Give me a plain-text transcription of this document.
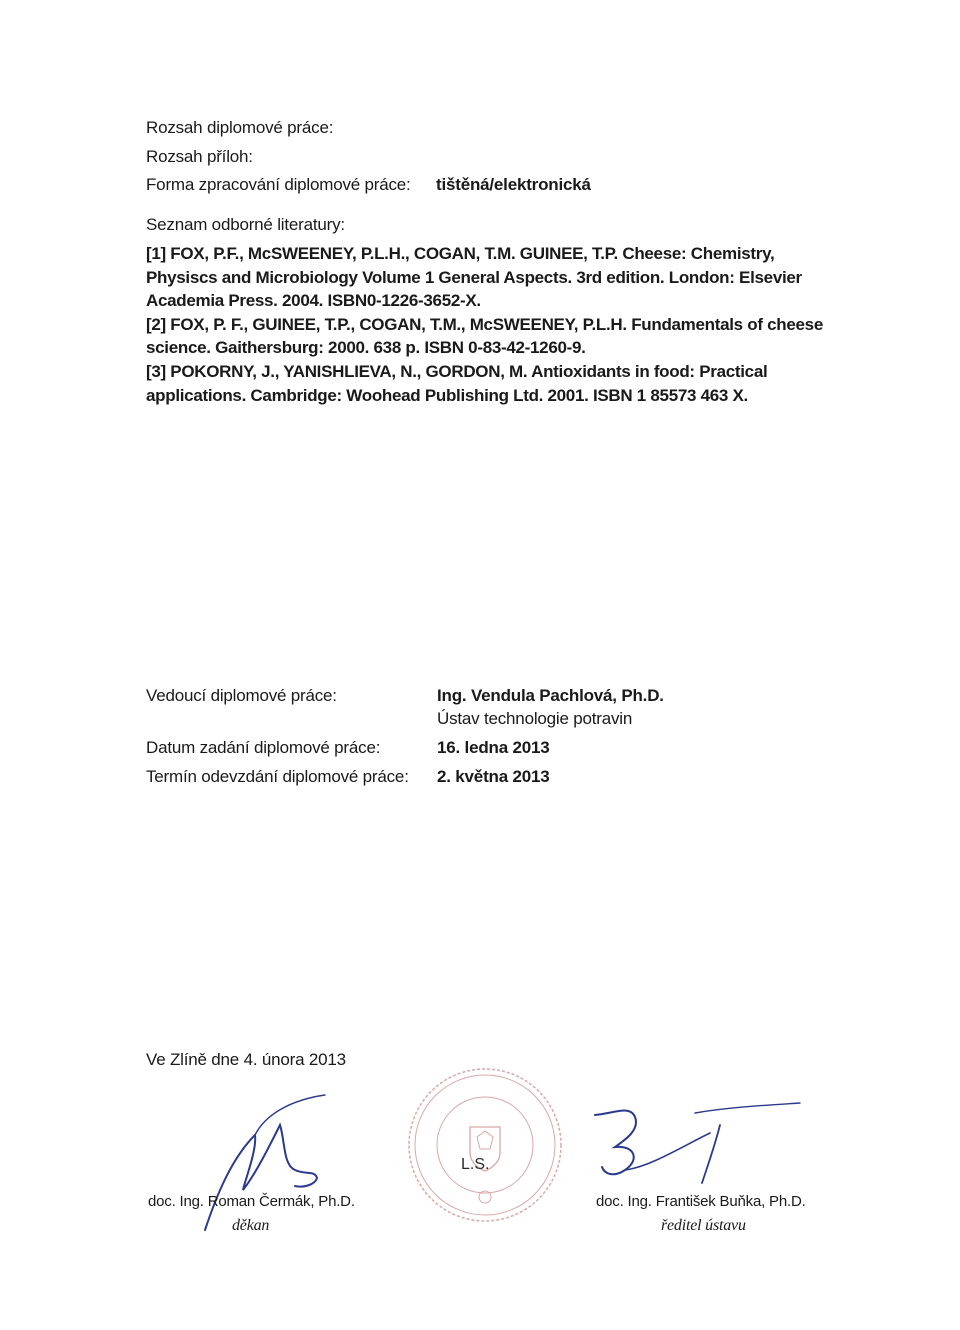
Rozsah diplomové práce:
Rozsah příloh:
Forma zpracování diplomové práce: tištěná/elektronická
Seznam odborné literatury:

[1] FOX, P.F., McSWEENEY, P.L.H., COGAN, T.M. GUINEE, T.P. Cheese: Chemistry,

Physiscs and Microbiology Volume 1 General Aspects. 3rd edition. London: Elsevier

Academia Press. 2004. ISBN0-1226-3652-X.

[2] FOX, P. F., GUINEE, T.P., COGAN, T.M., McSWEENEY, P.L.H. Fundamentals of cheese

science. Gaithersburg: 2000. 638 p. ISBN 0-83-42-1260-9.

[3] POKORNY, J., YANISHLIEVA, N., GORDON, M. Antioxidants in food: Practical

applications. Cambridge: Woohead Publishing Ltd. 2001. ISBN 1 85573 463 X.

Vedoucí diplomové práce:	Ing. Vendula Pachlová, Ph.D.
Ústav technologie potravin
Datum zadání diplomové práce:	16. ledna 2013
Termín odevzdání diplomové práce: 2. května 2013
Ve Zlíně dne 4. února 2013
doc. Ing. Roman Čermák, Ph.D.
děkan
L.S.
doc. Ing. František Buňka, Ph.D.
ředitel ústavu
